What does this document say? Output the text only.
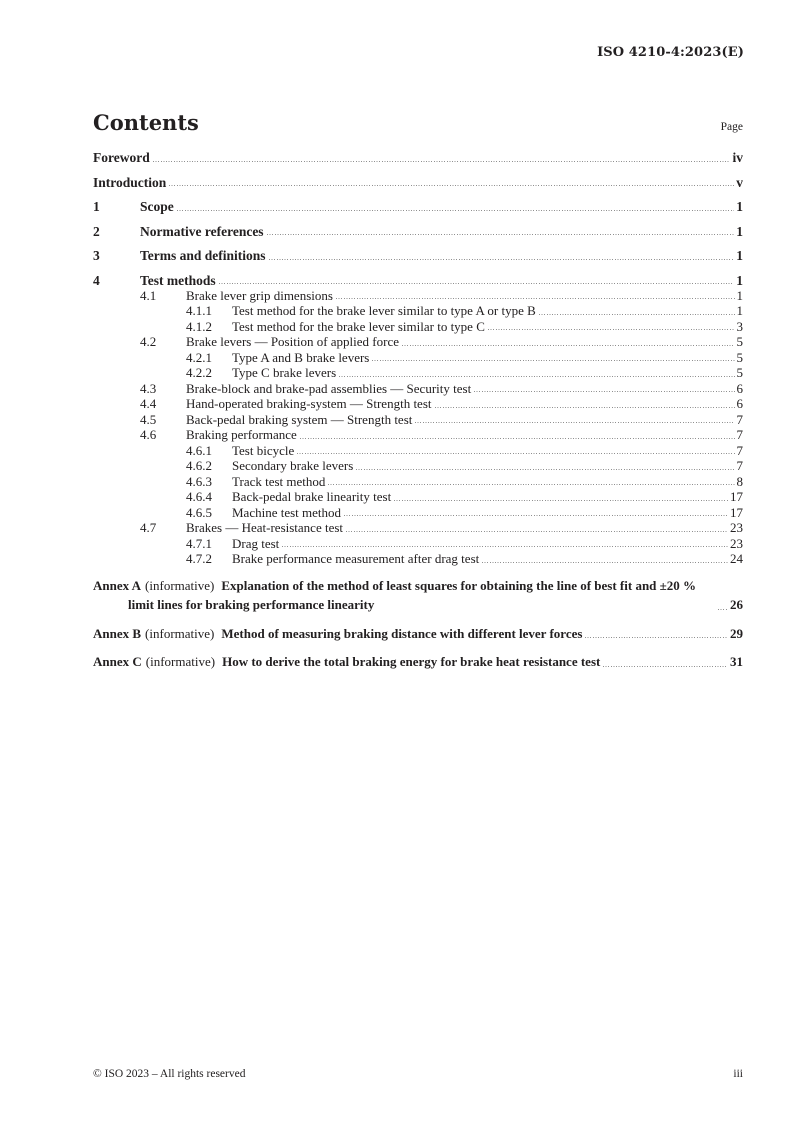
ISO 4210-4:2023(E)
Contents	Page
Foreword	iv
Introduction	v
1	Scope	1
2	Normative references	1
3	Terms and definitions	1
4	Test methods	1
4.1	Brake lever grip dimensions	1
4.1.1	Test method for the brake lever similar to type A or type B	1
4.1.2	Test method for the brake lever similar to type C	3
4.2	Brake levers — Position of applied force	5
4.2.1	Type A and B brake levers	5
4.2.2	Type C brake levers	5
4.3	Brake-block and brake-pad assemblies — Security test	6
4.4	Hand-operated braking-system — Strength test	6
4.5	Back-pedal braking system — Strength test	7
4.6	Braking performance	7
4.6.1	Test bicycle	7
4.6.2	Secondary brake levers	7
4.6.3	Track test method	8
4.6.4	Back-pedal brake linearity test	17
4.6.5	Machine test method	17
4.7	Brakes — Heat-resistance test	23
4.7.1	Drag test	23
4.7.2	Brake performance measurement after drag test	24
Annex A (informative) Explanation of the method of least squares for obtaining the line of best fit and ±20 % limit lines for braking performance linearity	26
Annex B (informative) Method of measuring braking distance with different lever forces	29
Annex C (informative) How to derive the total braking energy for brake heat resistance test	31
© ISO 2023 – All rights reserved	iii
